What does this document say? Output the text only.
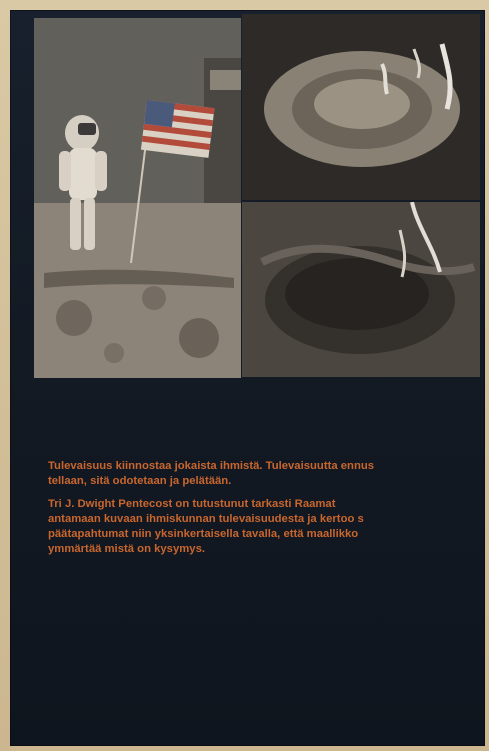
Tulevaisuus kiinnostaa jokaista ihmistä. Tulevaisuutta ennus
tellaan, sitä odotetaan ja pelätään.

Tri J. Dwight Pentecost on tutustunut tarkasti Raamat
antamaan kuvaan ihmiskunnan tulevaisuudesta ja kertoo s
päätapahtumat niin yksinkertaisella tavalla, että maallikko
ymmärtää mistä on kysymys.
